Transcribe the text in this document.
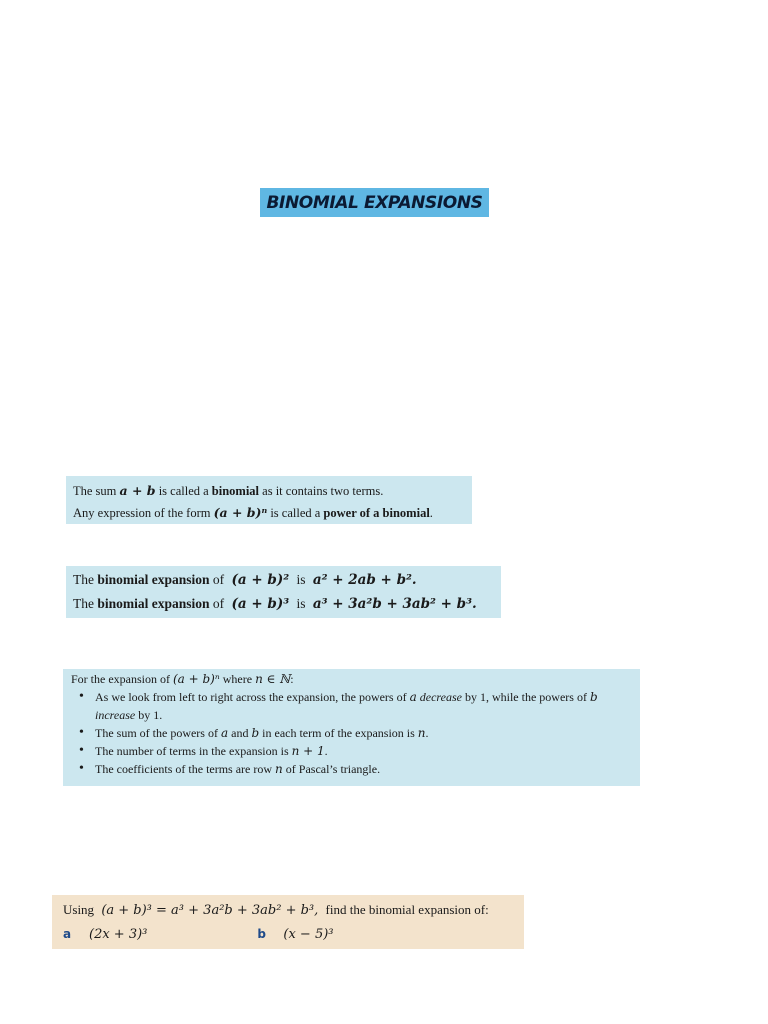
BINOMIAL EXPANSIONS
The sum a + b is called a binomial as it contains two terms.
Any expression of the form (a + b)ⁿ is called a power of a binomial.
The binomial expansion of (a + b)² is a² + 2ab + b².
The binomial expansion of (a + b)³ is a³ + 3a²b + 3ab² + b³.
For the expansion of (a + b)ⁿ where n ∈ ℕ:
• As we look from left to right across the expansion, the powers of a decrease by 1, while the powers of b increase by 1.
• The sum of the powers of a and b in each term of the expansion is n.
• The number of terms in the expansion is n + 1.
• The coefficients of the terms are row n of Pascal’s triangle.
Using (a + b)³ = a³ + 3a²b + 3ab² + b³, find the binomial expansion of:
a (2x + 3)³	b (x − 5)³
